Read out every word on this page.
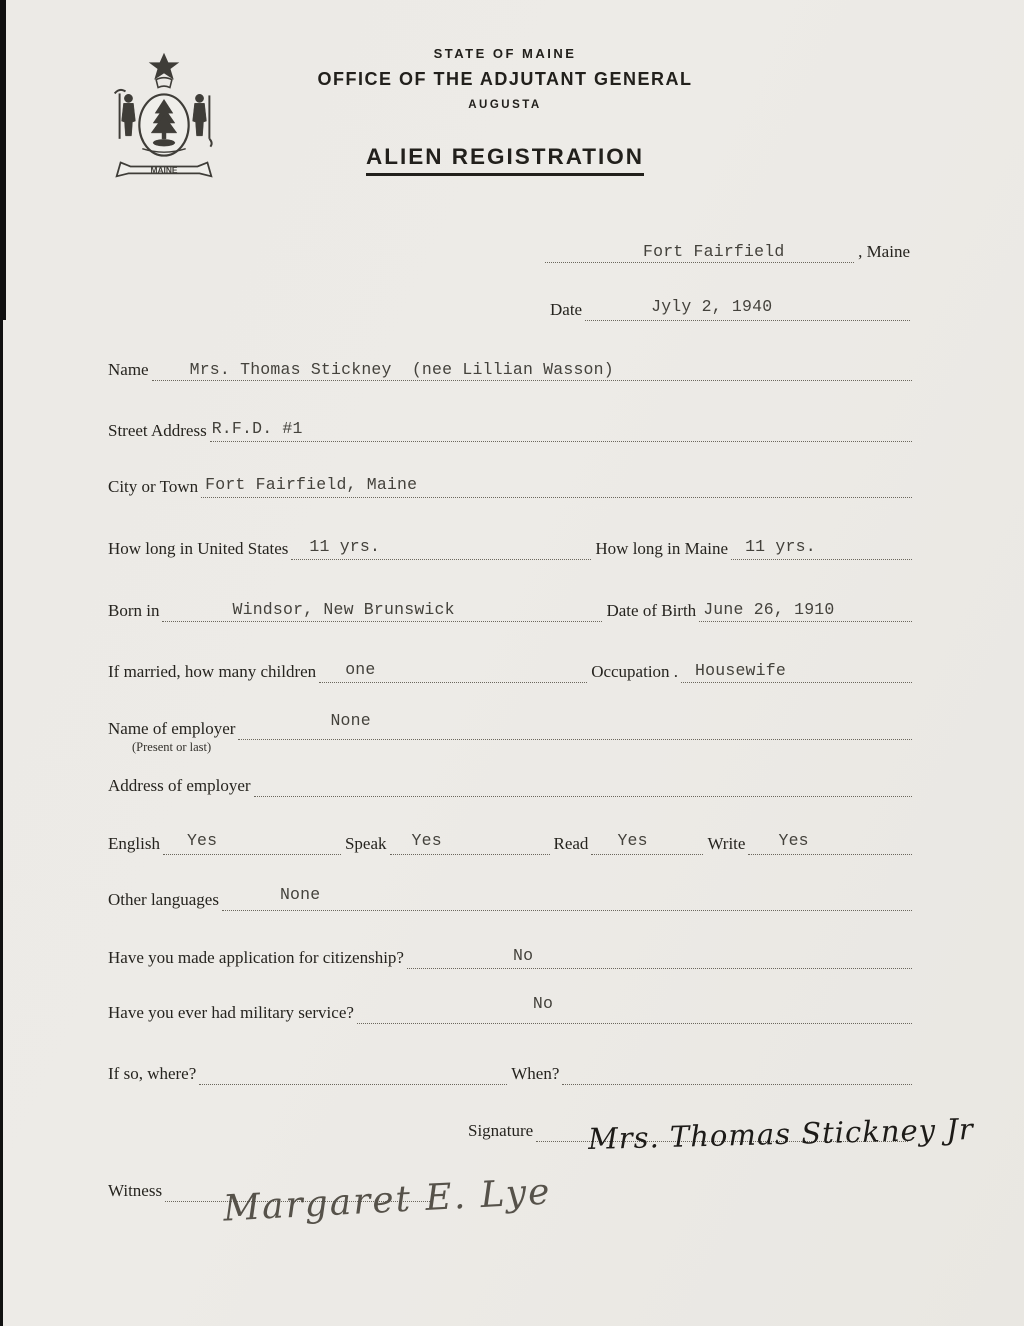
MAINE
STATE OF MAINE
OFFICE OF THE ADJUTANT GENERAL
AUGUSTA
ALIEN REGISTRATION
Fort Fairfield	, Maine
Date	Jyly 2, 1940
Name Mrs. Thomas Stickney  (nee Lillian Wasson)
Street Address R.F.D. #1
City or Town Fort Fairfield, Maine
How long in United States 11 yrs.	How long in Maine 11 yrs.
Born in	Windsor, New Brunswick	Date of Birth June 26, 1910
If married, how many children one	Occupation . Housewife
Name of employer	None
(Present or last)
Address of employer
English Yes	Speak Yes	Read Yes	Write Yes
Other languages	None
Have you made application for citizenship?	No
Have you ever had military service?	No
If so, where?	When?
Signature Mrs. Thomas Stickney Jr
Witness Margaret E. Lye
